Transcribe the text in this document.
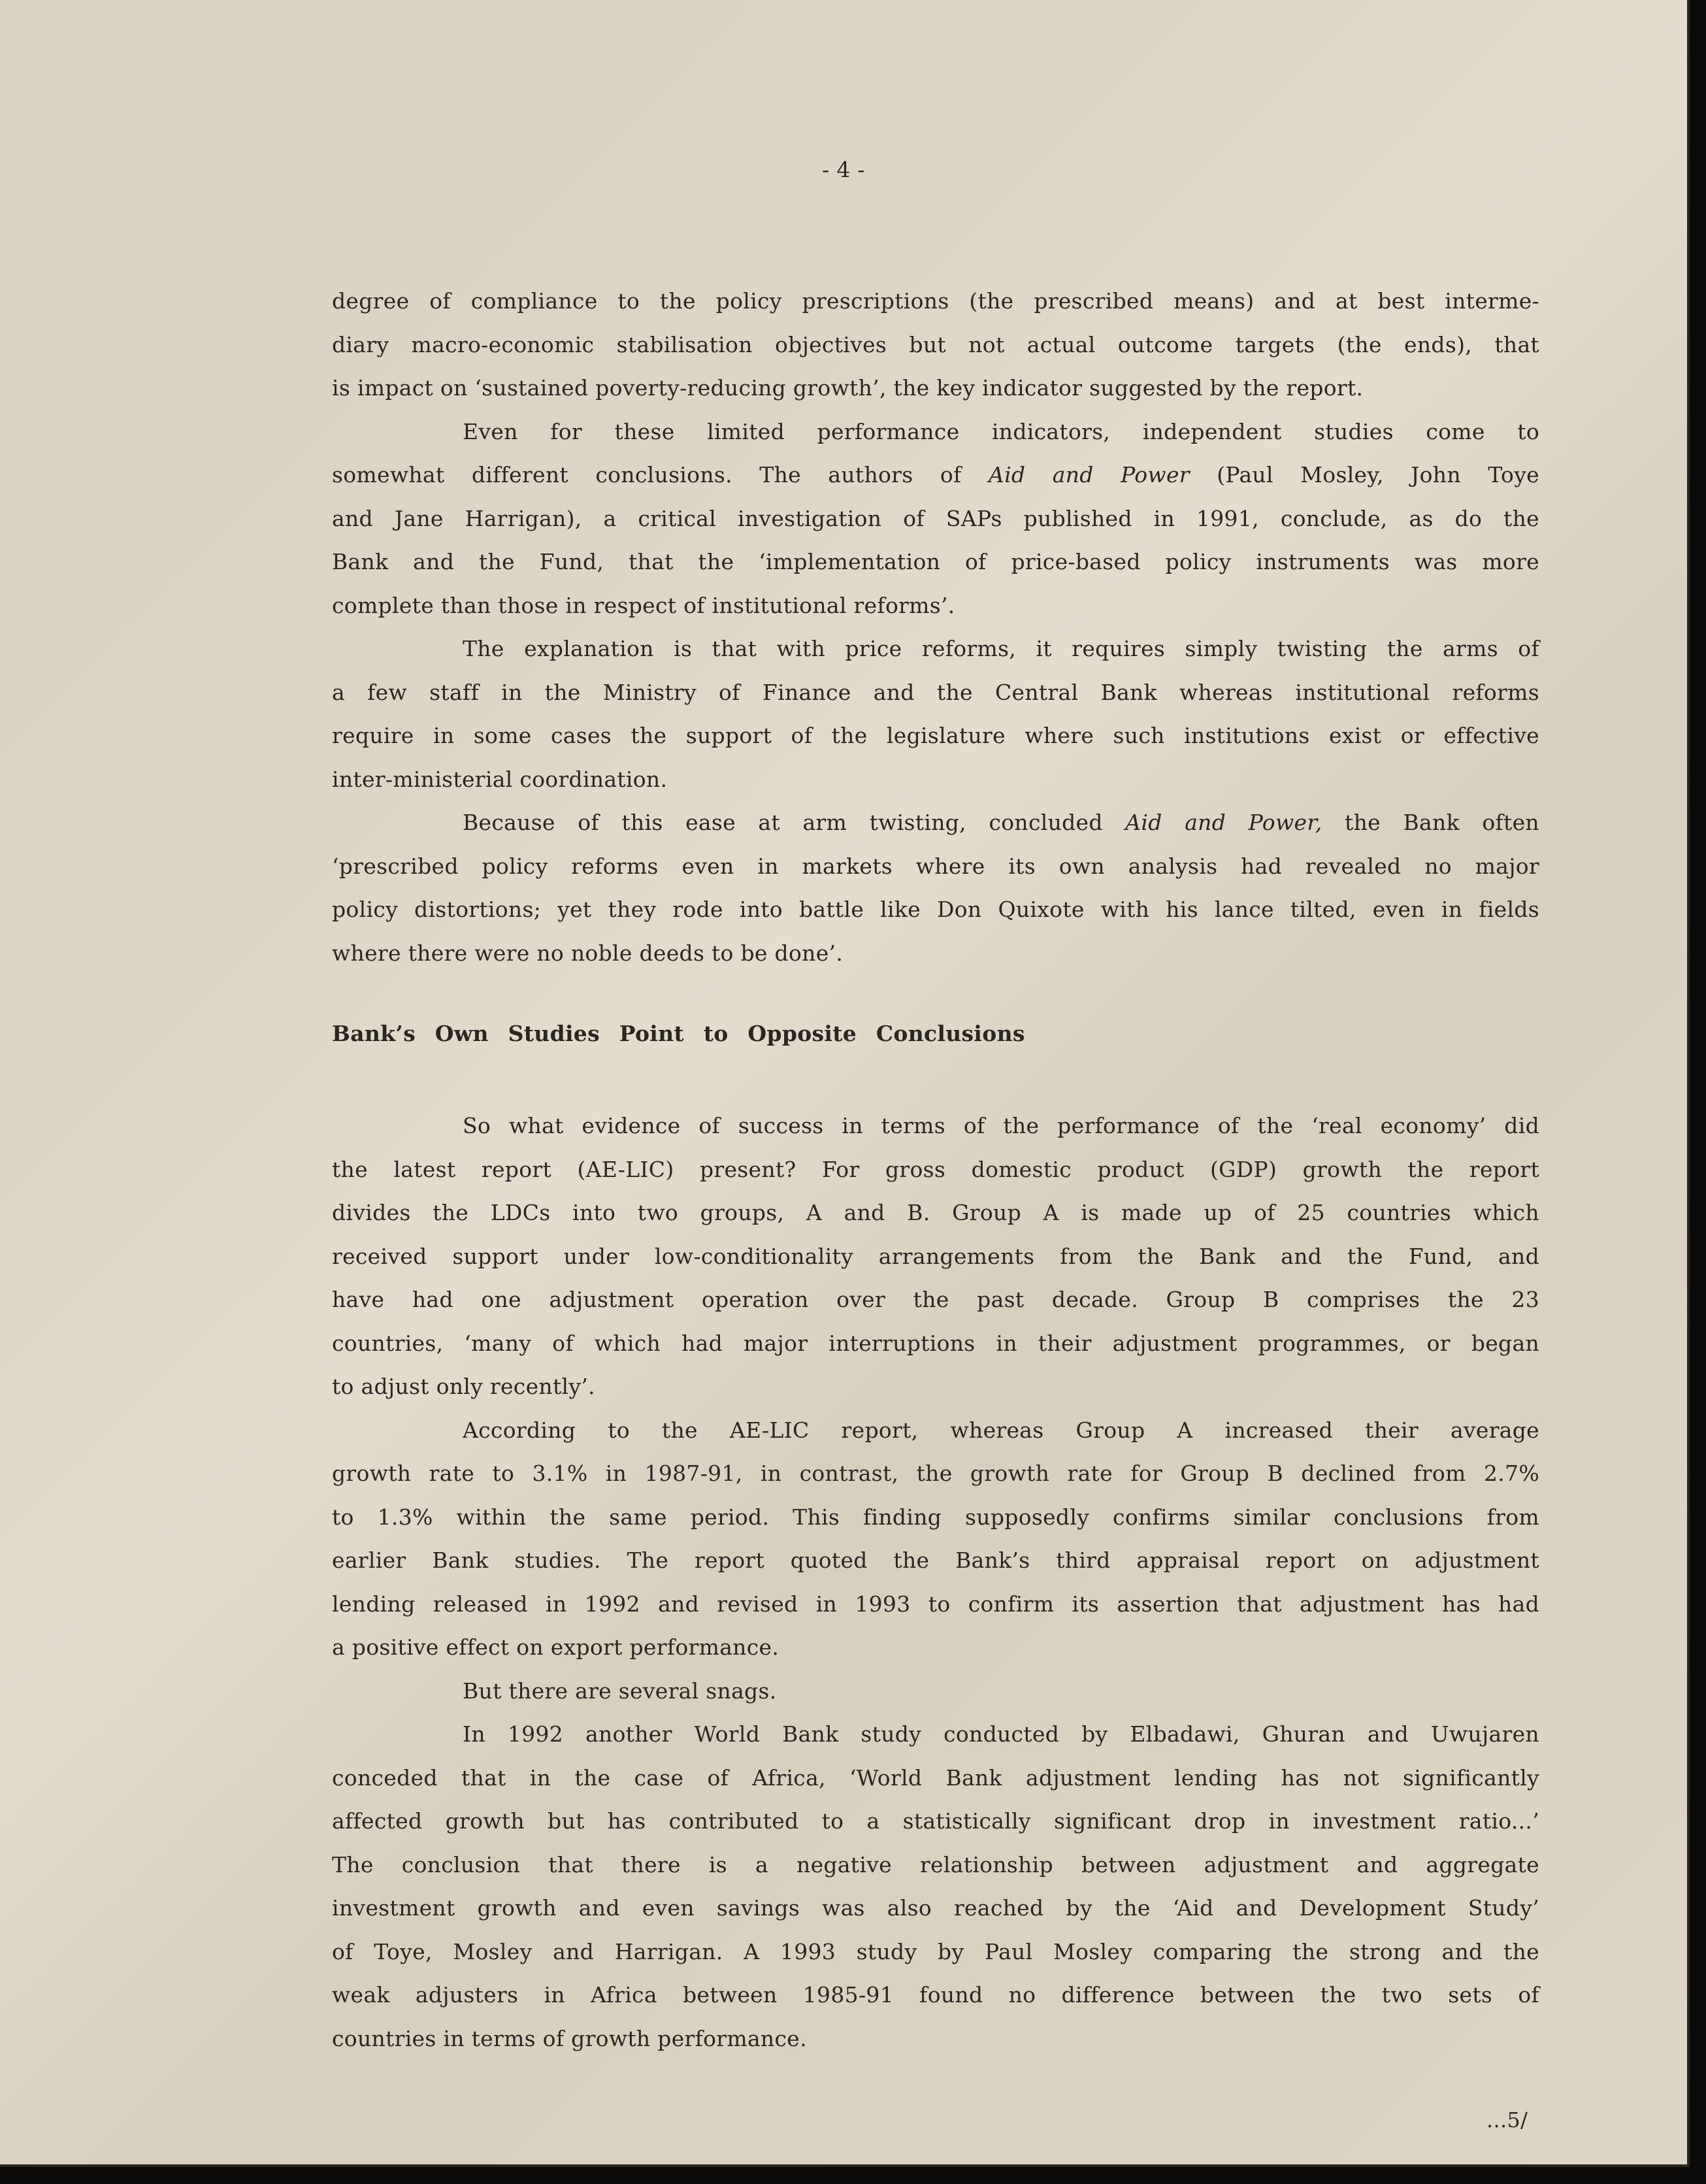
- 4 -
degree of compliance to the policy prescriptions (the prescribed means) and at best interme-
diary macro-economic stabilisation objectives but not actual outcome targets (the ends), that
is impact on ‘sustained poverty-reducing growth’, the key indicator suggested by the report.
Even for these limited performance indicators, independent studies come to
somewhat different conclusions. The authors of Aid and Power (Paul Mosley, John Toye
and Jane Harrigan), a critical investigation of SAPs published in 1991, conclude, as do the
Bank and the Fund, that the ‘implementation of price-based policy instruments was more
complete than those in respect of institutional reforms’.
The explanation is that with price reforms, it requires simply twisting the arms of
a few staff in the Ministry of Finance and the Central Bank whereas institutional reforms
require in some cases the support of the legislature where such institutions exist or effective
inter-ministerial coordination.
Because of this ease at arm twisting, concluded Aid and Power, the Bank often
‘prescribed policy reforms even in markets where its own analysis had revealed no major
policy distortions; yet they rode into battle like Don Quixote with his lance tilted, even in fields
where there were no noble deeds to be done’.
Bank’s Own Studies Point to Opposite Conclusions
So what evidence of success in terms of the performance of the ‘real economy’ did
the latest report (AE-LIC) present? For gross domestic product (GDP) growth the report
divides the LDCs into two groups, A and B. Group A is made up of 25 countries which
received support under low-conditionality arrangements from the Bank and the Fund, and
have had one adjustment operation over the past decade. Group B comprises the 23
countries, ‘many of which had major interruptions in their adjustment programmes, or began
to adjust only recently’.
According to the AE-LIC report, whereas Group A increased their average
growth rate to 3.1% in 1987-91, in contrast, the growth rate for Group B declined from 2.7%
to 1.3% within the same period. This finding supposedly confirms similar conclusions from
earlier Bank studies. The report quoted the Bank’s third appraisal report on adjustment
lending released in 1992 and revised in 1993 to confirm its assertion that adjustment has had
a positive effect on export performance.
But there are several snags.
In 1992 another World Bank study conducted by Elbadawi, Ghuran and Uwujaren
conceded that in the case of Africa, ‘World Bank adjustment lending has not significantly
affected growth but has contributed to a statistically significant drop in investment ratio...’
The conclusion that there is a negative relationship between adjustment and aggregate
investment growth and even savings was also reached by the ‘Aid and Development Study’
of Toye, Mosley and Harrigan. A 1993 study by Paul Mosley comparing the strong and the
weak adjusters in Africa between 1985-91 found no difference between the two sets of
countries in terms of growth performance.
...5/
